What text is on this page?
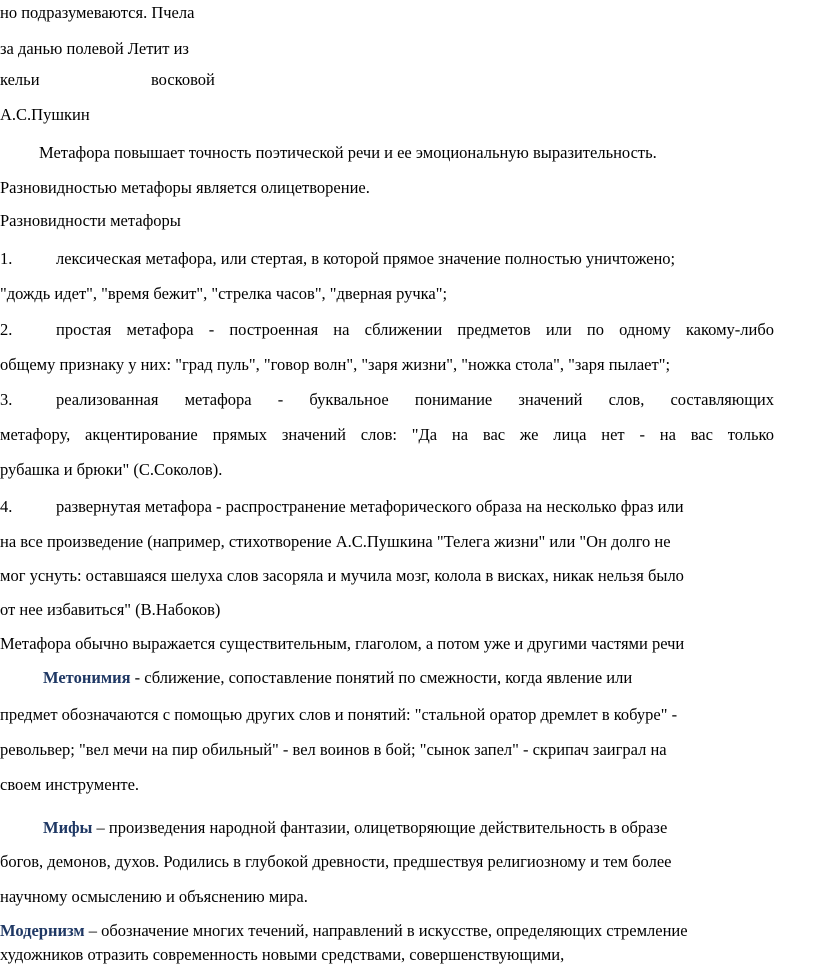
но подразумеваются. Пчела
за данью полевой Летит из
кельи	восковой
А.С.Пушкин
Метафора повышает точность поэтической речи и ее эмоциональную выразительность.
Разновидностью метафоры является олицетворение.
Разновидности метафоры
1.	лексическая метафора, или стертая, в которой прямое значение полностью уничтожено;
"дождь идет", "время бежит", "стрелка часов", "дверная ручка";
2.	простая метафора - построенная на сближении предметов или по одному какому-либо
общему признаку у них: "град пуль", "говор волн", "заря жизни", "ножка стола", "заря пылает";
3.	реализованная метафора - буквальное понимание значений слов, составляющих
метафору, акцентирование прямых значений слов: "Да на вас же лица нет - на вас только
рубашка и брюки" (С.Соколов).
4.	развернутая метафора - распространение метафорического образа на несколько фраз или
на все произведение (например, стихотворение А.С.Пушкина "Телега жизни" или "Он долго не
мог уснуть: оставшаяся шелуха слов засоряла и мучила мозг, колола в висках, никак нельзя было
от нее избавиться" (В.Набоков)
Метафора обычно выражается существительным, глаголом, а потом уже и другими частями речи
Метонимия - сближение, сопоставление понятий по смежности, когда явление или
предмет обозначаются с помощью других слов и понятий: "стальной оратор дремлет в кобуре" -
револьвер; "вел мечи на пир обильный" - вел воинов в бой; "сынок запел" - скрипач заиграл на
своем инструменте.
Мифы – произведения народной фантазии, олицетворяющие действительность в образе
богов, демонов, духов. Родились в глубокой древности, предшествуя религиозному и тем более
научному осмыслению и объяснению мира.
Модернизм – обозначение многих течений, направлений в искусстве, определяющих стремление
художников отразить современность новыми средствами, совершенствующими,
